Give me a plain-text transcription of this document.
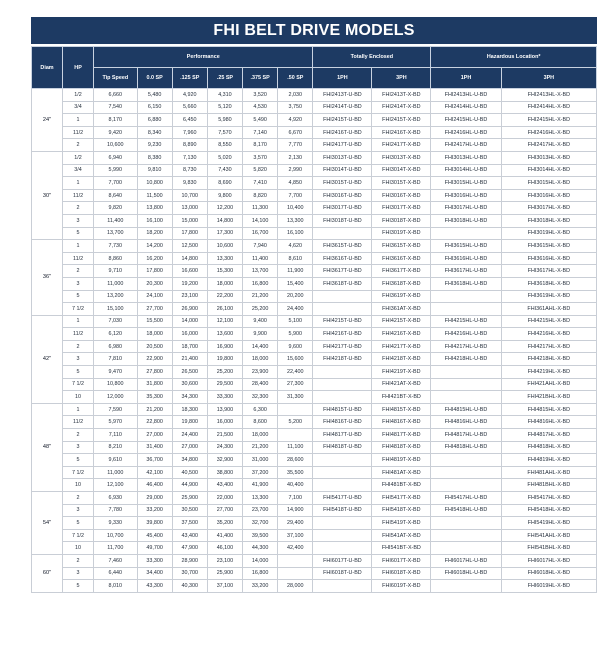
FHI BELT DRIVE MODELS
Diam	HP	Performance						Totally Enclosed		Hazardous Location*	
		Tip Speed	0.0 SP	.125 SP	.25 SP	.375 SP	.50 SP	1PH	3PH	1PH	3PH
24"	1/2	6,660	5,480	4,920	4,310	3,520	2,030	FHI2413T-U-BD	FHI2413T-X-BD	FHI2413HL-U-BD	FHI2413HL-X-BD
	3/4	7,540	6,150	5,660	5,120	4,530	3,750	FHI2414T-U-BD	FHI2414T-X-BD	FHI2414HL-U-BD	FHI2414HL-X-BD
	1	8,170	6,880	6,450	5,980	5,490	4,920	FHI2415T-U-BD	FHI2415T-X-BD	FHI2415HL-U-BD	FHI2415HL-X-BD
	11/2	9,420	8,340	7,960	7,570	7,140	6,670	FHI2416T-U-BD	FHI2416T-X-BD	FHI2416HL-U-BD	FHI2416HL-X-BD
	2	10,600	9,230	8,890	8,550	8,170	7,770	FHI2417T-U-BD	FHI2417T-X-BD	FHI2417HL-U-BD	FHI2417HL-X-BD
30"	1/2	6,940	8,380	7,130	5,020	3,570	2,130	FHI3013T-U-BD	FHI3013T-X-BD	FHI3013HL-U-BD	FHI3013HL-X-BD
	3/4	5,990	9,810	8,730	7,430	5,820	2,990	FHI3014T-U-BD	FHI3014T-X-BD	FHI3014HL-U-BD	FHI3014HL-X-BD
	1	7,700	10,800	9,830	8,690	7,410	4,850	FHI3015T-U-BD	FHI3015T-X-BD	FHI3015HL-U-BD	FHI3015HL-X-BD
	11/2	8,640	11,500	10,700	9,800	8,820	7,700	FHI3016T-U-BD	FHI3016T-X-BD	FHI3016HL-U-BD	FHI3016HL-X-BD
	2	9,820	13,800	13,000	12,200	11,300	10,400	FHI3017T-U-BD	FHI3017T-X-BD	FHI3017HL-U-BD	FHI3017HL-X-BD
	3	11,400	16,100	15,000	14,800	14,100	13,300	FHI3018T-U-BD	FHI3018T-X-BD	FHI3018HL-U-BD	FHI3018HL-X-BD
	5	13,700	18,200	17,800	17,300	16,700	16,100		FHI3019T-X-BD		FHI3019HL-X-BD
36"	1	7,730	14,200	12,500	10,600	7,940	4,620	FHI3615T-U-BD	FHI3615T-X-BD	FHI3615HL-U-BD	FHI3615HL-X-BD
	11/2	8,860	16,200	14,800	13,300	11,400	8,610	FHI3616T-U-BD	FHI3616T-X-BD	FHI3616HL-U-BD	FHI3616HL-X-BD
	2	9,710	17,800	16,600	15,300	13,700	11,900	FHI3617T-U-BD	FHI3617T-X-BD	FHI3617HL-U-BD	FHI3617HL-X-BD
	3	11,000	20,300	19,200	18,000	16,800	15,400	FHI3618T-U-BD	FHI3618T-X-BD	FHI3618HL-U-BD	FHI3618HL-X-BD
	5	13,200	24,100	23,100	22,200	21,200	20,200		FHI3619T-X-BD		FHI3619HL-X-BD
	7 1/2	15,100	27,700	26,900	26,100	25,200	24,400		FHI361AT-X-BD		FHI361AHL-X-BD
42"	1	7,030	15,500	14,000	12,100	9,400	5,100	FHI4215T-U-BD	FHI4215T-X-BD	FHI4215HL-U-BD	FHI4215HL-X-BD
	11/2	6,120	18,000	16,000	13,600	9,900	5,900	FHI4216T-U-BD	FHI4216T-X-BD	FHI4216HL-U-BD	FHI4216HL-X-BD
	2	6,980	20,500	18,700	16,900	14,400	9,600	FHI4217T-U-BD	FHI4217T-X-BD	FHI4217HL-U-BD	FHI4217HL-X-BD
	3	7,810	22,900	21,400	19,800	18,000	15,600	FHI4218T-U-BD	FHI4218T-X-BD	FHI4218HL-U-BD	FHI4218HL-X-BD
	5	9,470	27,800	26,500	25,200	23,900	22,400		FHI4219T-X-BD		FHI4219HL-X-BD
	7 1/2	10,800	31,800	30,600	29,500	28,400	27,300		FHI421AT-X-BD		FHI421AHL-X-BD
	10	12,000	35,300	34,300	33,300	32,300	31,300		FHI421BT-X-BD		FHI421BHL-X-BD
48"	1	7,590	21,200	18,300	13,900	6,300		FHI4815T-U-BD	FHI4815T-X-BD	FHI4815HL-U-BD	FHI4815HL-X-BD
	11/2	5,970	22,800	19,800	16,000	8,600	5,200	FHI4816T-U-BD	FHI4816T-X-BD	FHI4816HL-U-BD	FHI4816HL-X-BD
	2	7,110	27,000	24,400	21,500	18,000		FHI4817T-U-BD	FHI4817T-X-BD	FHI4817HL-U-BD	FHI4817HL-X-BD
	3	8,210	31,400	27,000	24,300	21,200	11,100	FHI4818T-U-BD	FHI4818T-X-BD	FHI4818HL-U-BD	FHI4818HL-X-BD
	5	9,610	36,700	34,800	32,900	31,000	28,600		FHI4819T-X-BD		FHI4819HL-X-BD
	7 1/2	11,000	42,100	40,500	38,800	37,200	35,500		FHI481AT-X-BD		FHI481AHL-X-BD
	10	12,100	46,400	44,900	43,400	41,900	40,400		FHI481BT-X-BD		FHI481BHL-X-BD
54"	2	6,930	29,000	25,900	22,000	13,300	7,100	FHI5417T-U-BD	FHI5417T-X-BD	FHI5417HL-U-BD	FHI5417HL-X-BD
	3	7,780	33,200	30,500	27,700	23,700	14,900	FHI5418T-U-BD	FHI5418T-X-BD	FHI5418HL-U-BD	FHI5418HL-X-BD
	5	9,330	39,800	37,500	35,200	32,700	29,400		FHI5419T-X-BD		FHI5419HL-X-BD
	7 1/2	10,700	45,400	43,400	41,400	39,500	37,100		FHI541AT-X-BD		FHI541AHL-X-BD
	10	11,700	49,700	47,900	46,100	44,300	42,400		FHI541BT-X-BD		FHI541BHL-X-BD
60"	2	7,460	33,300	28,900	23,100	14,000		FHI6017T-U-BD	FHI6017T-X-BD	FHI6017HL-U-BD	FHI6017HL-X-BD
	3	6,440	34,400	30,700	25,900	16,800		FHI6018T-U-BD	FHI6018T-X-BD	FHI6018HL-U-BD	FHI6018HL-X-BD
	5	8,010	43,300	40,300	37,100	33,200	28,000		FHI6019T-X-BD		FHI6019HL-X-BD
